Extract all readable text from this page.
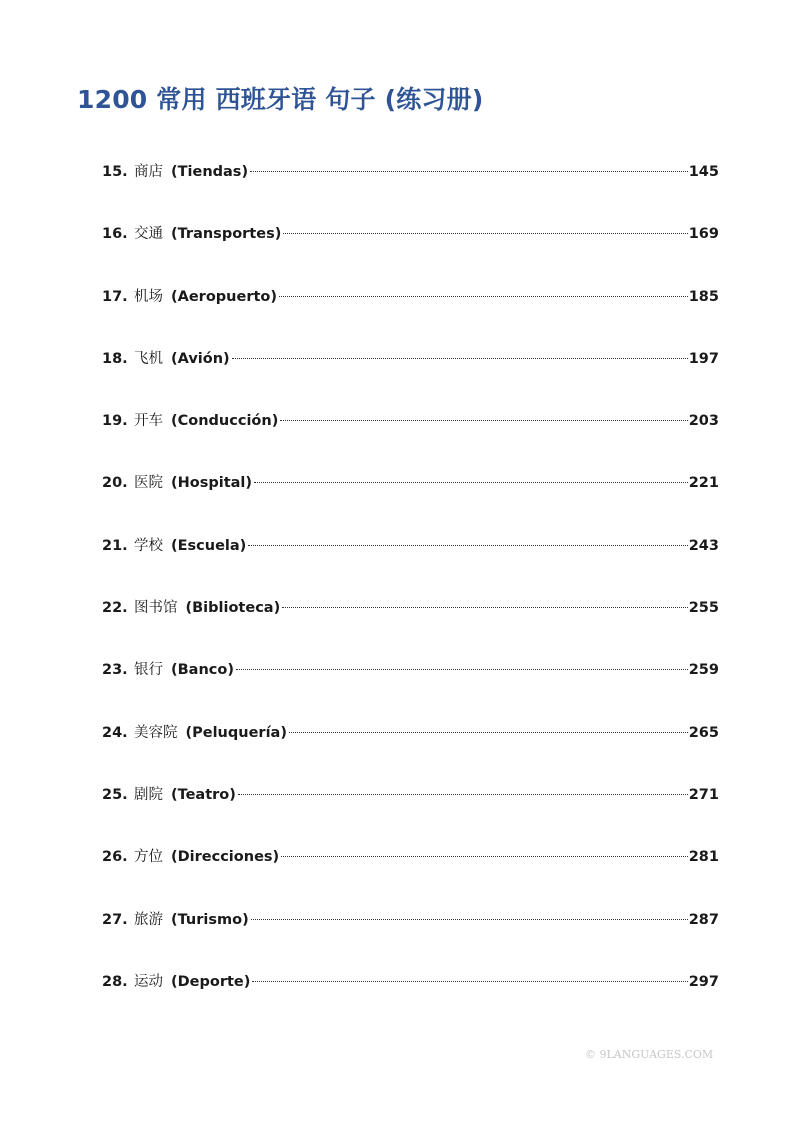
1200 常用 西班牙语 句子 (练习册)
15. 商店 (Tiendas)	145
16. 交通 (Transportes)	169
17. 机场 (Aeropuerto)	185
18. 飞机 (Avión)	197
19. 开车 (Conducción)	203
20. 医院 (Hospital)	221
21. 学校 (Escuela)	243
22. 图书馆 (Biblioteca)	255
23. 银行 (Banco)	259
24. 美容院 (Peluquería)	265
25. 剧院 (Teatro)	271
26. 方位 (Direcciones)	281
27. 旅游 (Turismo)	287
28. 运动 (Deporte)	297
© 9LANGUAGES.COM
